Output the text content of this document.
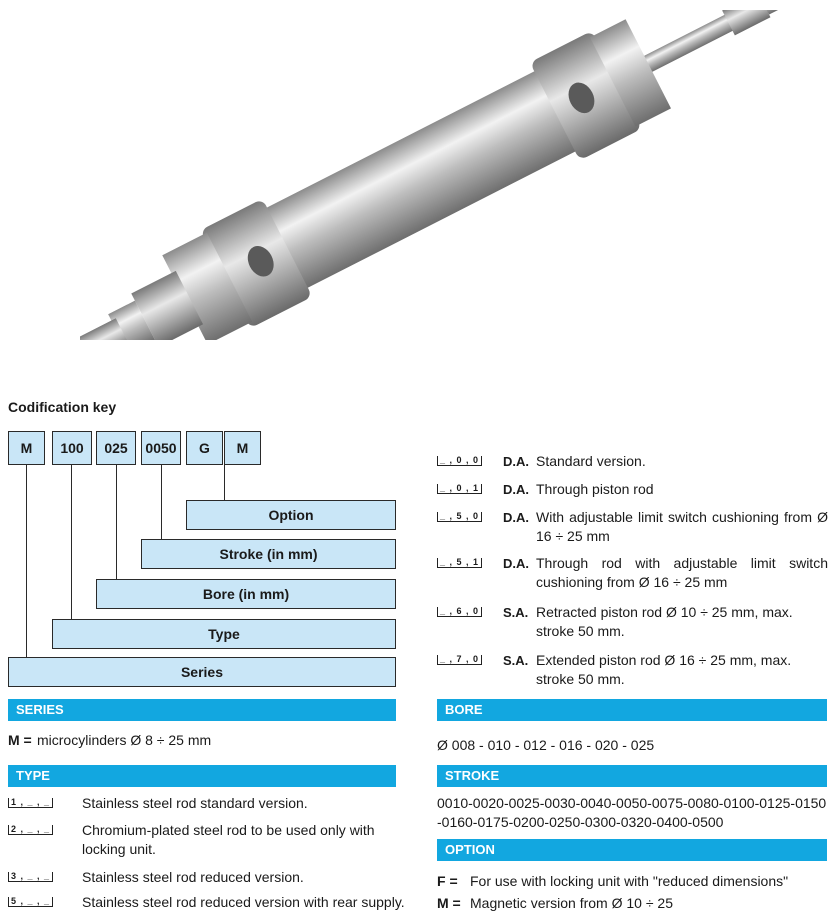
Codification key
M	100	025	0050	G	M
Option
Stroke (in mm)
Bore (in mm)
Type
Series
_ , 0 , 0 D.A. Standard version.
_ , 0 , 1 D.A. Through piston rod
_ , 5 , 0 D.A. With adjustable limit switch cushioning from Ø 16 ÷ 25 mm
_ , 5 , 1 D.A. Through rod with adjustable limit switch cushioning from Ø 16 ÷ 25 mm
_ , 6 , 0 S.A. Retracted piston rod Ø 10 ÷ 25 mm, max. stroke 50 mm.
_ , 7 , 0 S.A. Extended piston rod Ø 16 ÷ 25 mm, max. stroke 50 mm.
SERIES
M = microcylinders Ø 8 ÷ 25 mm
TYPE
1 , _ , _ Stainless steel rod standard version.
2 , _ , _ Chromium-plated steel rod to be used only with locking unit.
3 , _ , _ Stainless steel rod reduced version.
5 , _ , _ Stainless steel rod reduced version with rear supply.
BORE
Ø 008 - 010 - 012 - 016 - 020 - 025
STROKE
0010-0020-0025-0030-0040-0050-0075-0080-0100-0125-0150-0160-0175-0200-0250-0300-0320-0400-0500
OPTION
F = For use with locking unit with "reduced dimensions"
M = Magnetic version from Ø 10 ÷ 25
